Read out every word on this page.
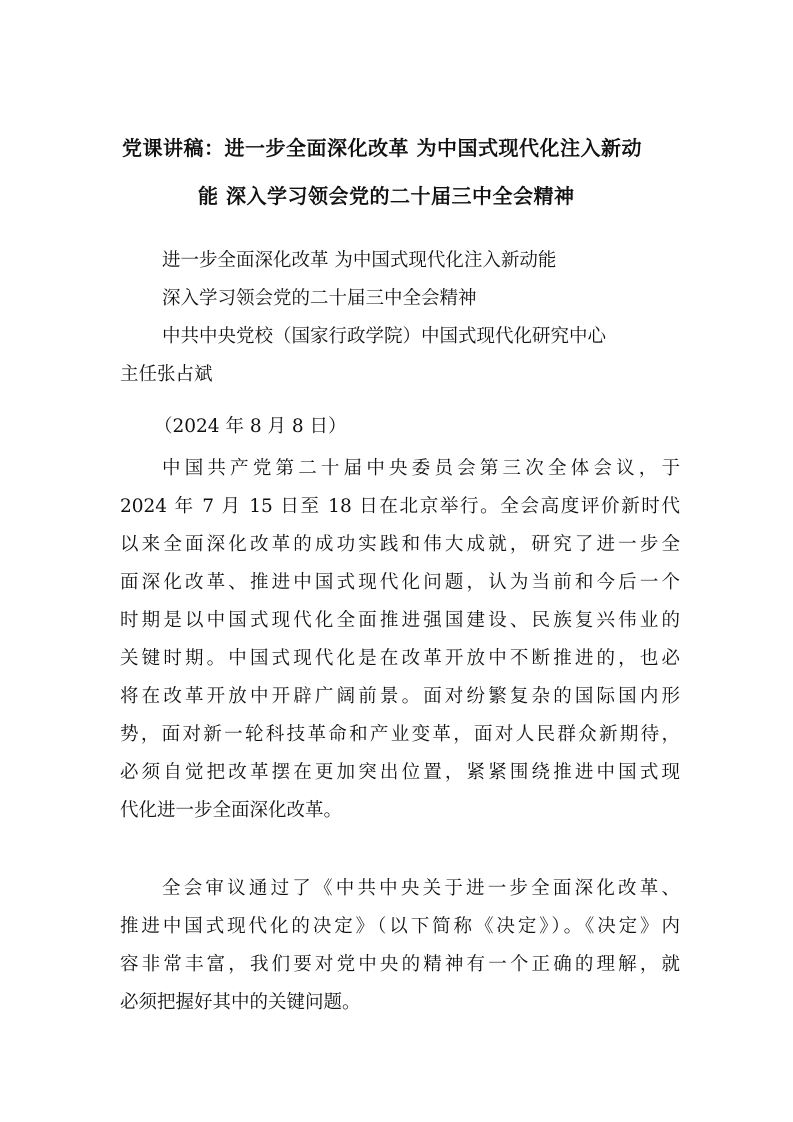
党课讲稿：进一步全面深化改革 为中国式现代化注入新动
能 深入学习领会党的二十届三中全会精神
进一步全面深化改革 为中国式现代化注入新动能
深入学习领会党的二十届三中全会精神
中共中央党校（国家行政学院）中国式现代化研究中心
主任张占斌
（2024 年 8 月 8 日）
中国共产党第二十届中央委员会第三次全体会议，于
2024 年 7 月 15 日至 18 日在北京举行。全会高度评价新时代
以来全面深化改革的成功实践和伟大成就，研究了进一步全
面深化改革、推进中国式现代化问题，认为当前和今后一个
时期是以中国式现代化全面推进强国建设、民族复兴伟业的
关键时期。中国式现代化是在改革开放中不断推进的，也必
将在改革开放中开辟广阔前景。面对纷繁复杂的国际国内形
势，面对新一轮科技革命和产业变革，面对人民群众新期待，
必须自觉把改革摆在更加突出位置，紧紧围绕推进中国式现
代化进一步全面深化改革。
全会审议通过了《中共中央关于进一步全面深化改革、
推进中国式现代化的决定》（以下简称《决定》）。《决定》内
容非常丰富，我们要对党中央的精神有一个正确的理解，就
必须把握好其中的关键问题。
